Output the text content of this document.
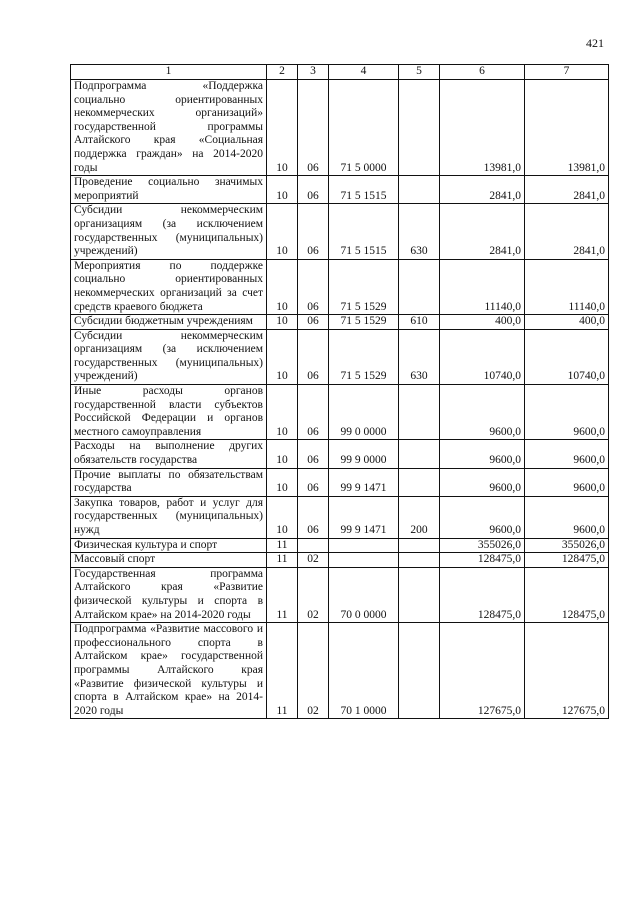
421
1	2	3	4	5	6	7
Подпрограмма «Поддержка социально ориентированных некоммерческих организаций» государственной программы Алтайского края «Социальная поддержка граждан» на 2014-2020 годы	10	06	71 5 0000		13981,0	13981,0
Проведение социально значимых мероприятий	10	06	71 5 1515		2841,0	2841,0
Субсидии некоммерческим организациям (за исключением государственных (муниципальных) учреждений)	10	06	71 5 1515	630	2841,0	2841,0
Мероприятия по поддержке социально ориентированных некоммерческих организаций за счет средств краевого бюджета	10	06	71 5 1529		11140,0	11140,0
Субсидии бюджетным учреждениям	10	06	71 5 1529	610	400,0	400,0
Субсидии некоммерческим организациям (за исключением государственных (муниципальных) учреждений)	10	06	71 5 1529	630	10740,0	10740,0
Иные расходы органов государственной власти субъектов Российской Федерации и органов местного самоуправления	10	06	99 0 0000		9600,0	9600,0
Расходы на выполнение других обязательств государства	10	06	99 9 0000		9600,0	9600,0
Прочие выплаты по обязательствам государства	10	06	99 9 1471		9600,0	9600,0
Закупка товаров, работ и услуг для государственных (муниципальных) нужд	10	06	99 9 1471	200	9600,0	9600,0
Физическая культура и спорт	11				355026,0	355026,0
Массовый спорт	11	02			128475,0	128475,0
Государственная программа Алтайского края «Развитие физической культуры и спорта в Алтайском крае» на 2014-2020 годы	11	02	70 0 0000		128475,0	128475,0
Подпрограмма «Развитие массового и профессионального спорта в Алтайском крае» государственной программы Алтайского края «Развитие физической культуры и спорта в Алтайском крае» на 2014-2020 годы	11	02	70 1 0000		127675,0	127675,0
